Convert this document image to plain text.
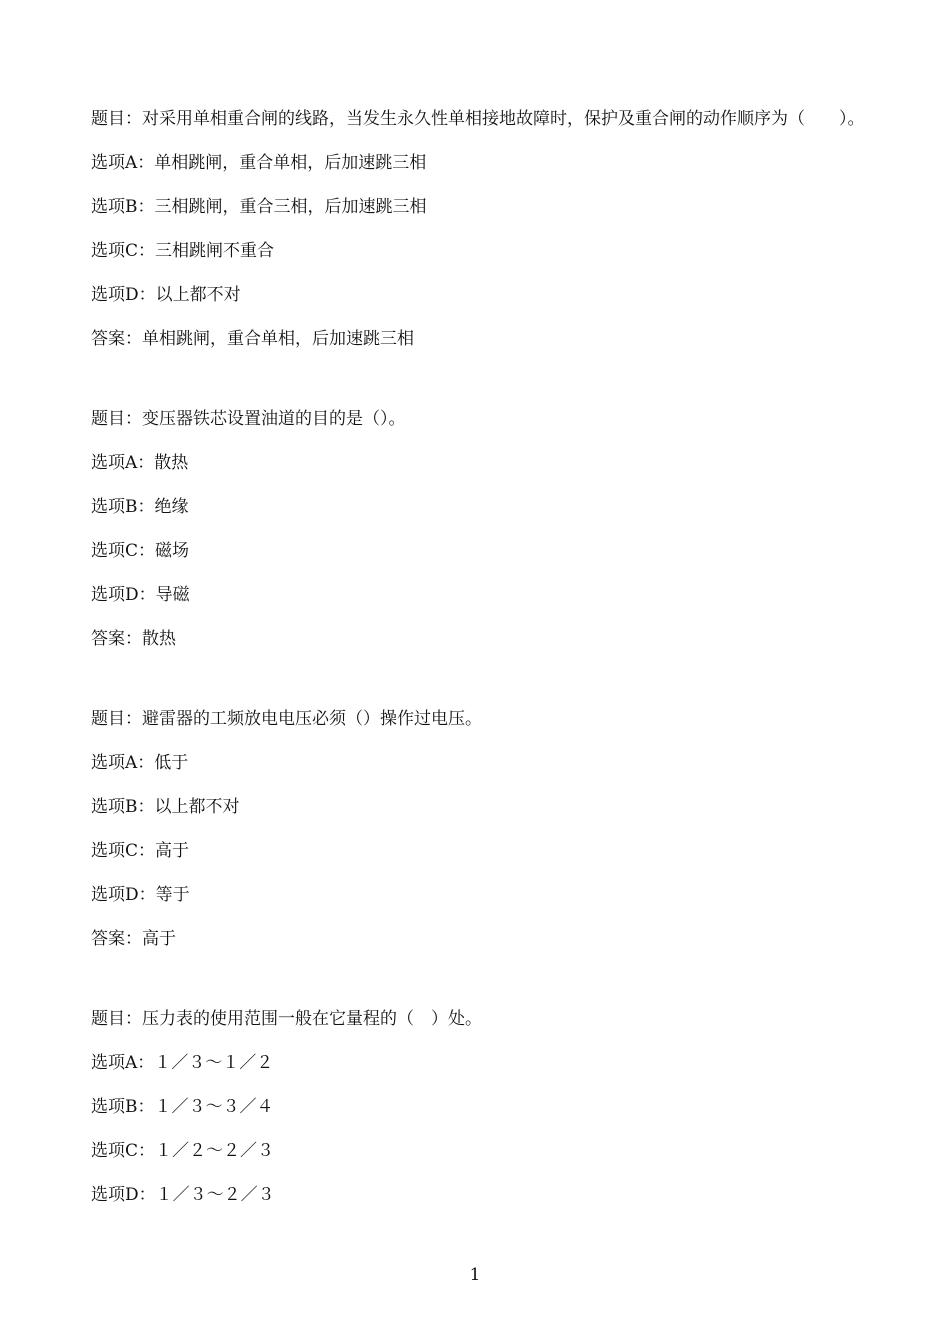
题目：对采用单相重合闸的线路，当发生永久性单相接地故障时，保护及重合闸的动作顺序为（　　）。
选项A：单相跳闸，重合单相，后加速跳三相
选项B：三相跳闸，重合三相，后加速跳三相
选项C：三相跳闸不重合
选项D：以上都不对
答案：单相跳闸，重合单相，后加速跳三相
题目：变压器铁芯设置油道的目的是（）。
选项A：散热
选项B：绝缘
选项C：磁场
选项D：导磁
答案：散热
题目：避雷器的工频放电电压必须（）操作过电压。
选项A：低于
选项B：以上都不对
选项C：高于
选项D：等于
答案：高于
题目：压力表的使用范围一般在它量程的（　）处。
选项A：１／３～１／２
选项B：１／３～３／４
选项C：１／２～２／３
选项D：１／３～２／３
1
